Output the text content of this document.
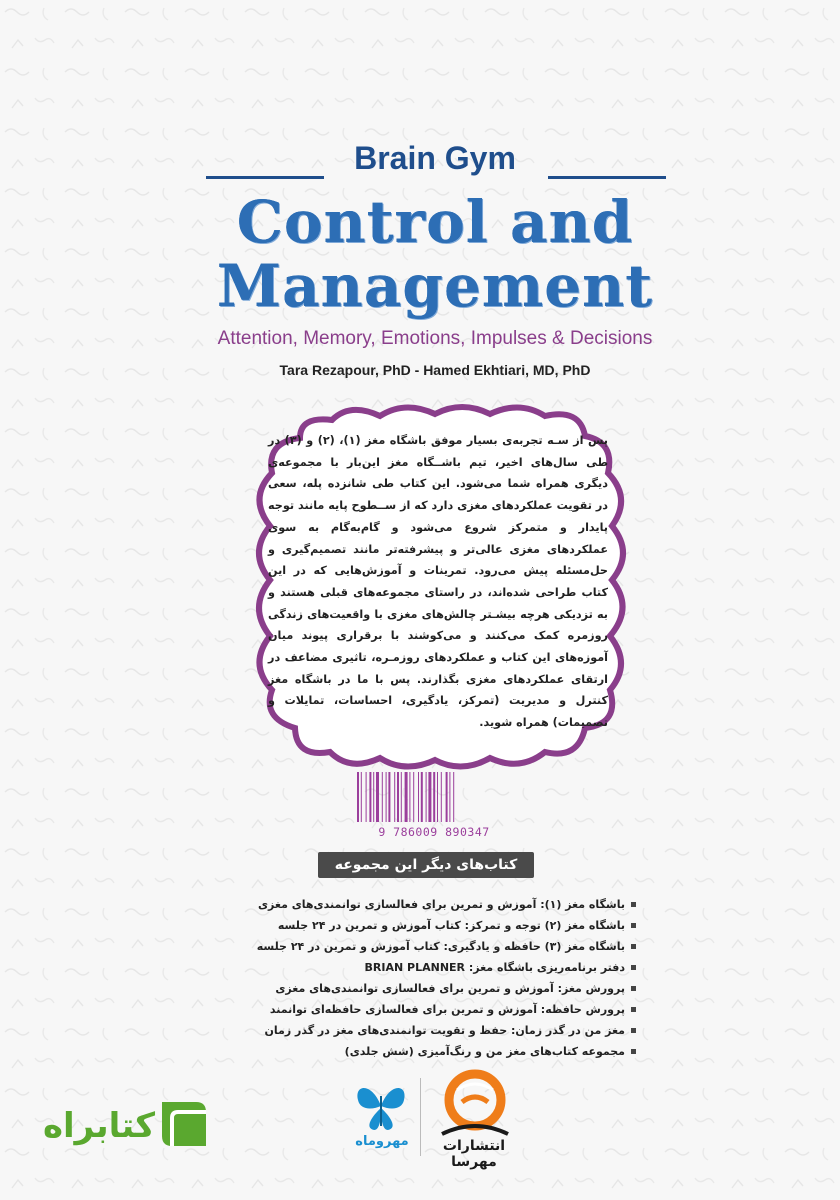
Brain Gym
Control and
Management
Attention, Memory, Emotions, Impulses & Decisions
Tara Rezapour, PhD - Hamed Ekhtiari, MD, PhD
پس از سـه تجربه‌ی بسیار موفق باشگاه مغز (۱)، (۲) و (۳) در طی سال‌های اخیر، تیم باشــگاه مغز این‌بار با مجموعه‌ی دیگری همراه شما می‌شود. این کتاب طی شانزده پله، سعی در تقویت عملکردهای مغزی دارد که از ســطوح پایه مانند توجه پایدار و متمرکز شروع می‌شود و گام‌به‌گام به سوی عملکردهای مغزی عالی‌تر و پیشرفته‌تر مانند تصمیم‌گیری و حل‌مسئله پیش می‌رود. تمرینات و آموزش‌هایی که در این کتاب طراحی شده‌اند، در راستای مجموعه‌های قبلی هستند و به تزدیکی هرچه بیشـتر چالش‌های مغزی با واقعیت‌های زندگی روزمره کمک می‌کنند و می‌کوشند با برقراری پیوند میان آموزه‌های این کتاب و عملکردهای روزمـره، تاثیری مضاعف در ارتقای عملکردهای مغزی بگذارند. پس با ما در باشگاه مغز کنترل و مدیریت (تمرکز، یادگیری، احساسات، تمایلات و تصمیمات) همراه شوید.
9 786009 890347
کتاب‌های دیگر این مجموعه
باشگاه مغز (۱): آموزش و تمرین برای فعالسازی توانمندی‌های مغزی
باشگاه مغز (۲) توجه و تمرکز: کتاب آموزش و تمرین در ۲۴ جلسه
باشگاه مغز (۳) حافظه و یادگیری: کتاب آموزش و تمرین در ۲۴ جلسه
دفتر برنامه‌ریزی باشگاه مغز: BRIAN PLANNER
پرورش مغز: آموزش و تمرین برای فعالسازی توانمندی‌های مغزی
پرورش حافظه: آموزش و تمرین برای فعالسازی حافظه‌ای توانمند
مغز من در گذر زمان: حفظ و تقویت توانمندی‌های مغز در گذر زمان
مجموعه کتاب‌های مغز من و رنگ‌آمیزی (شش جلدی)
مهروماه	انتشارات مهرسا
کتابراه
